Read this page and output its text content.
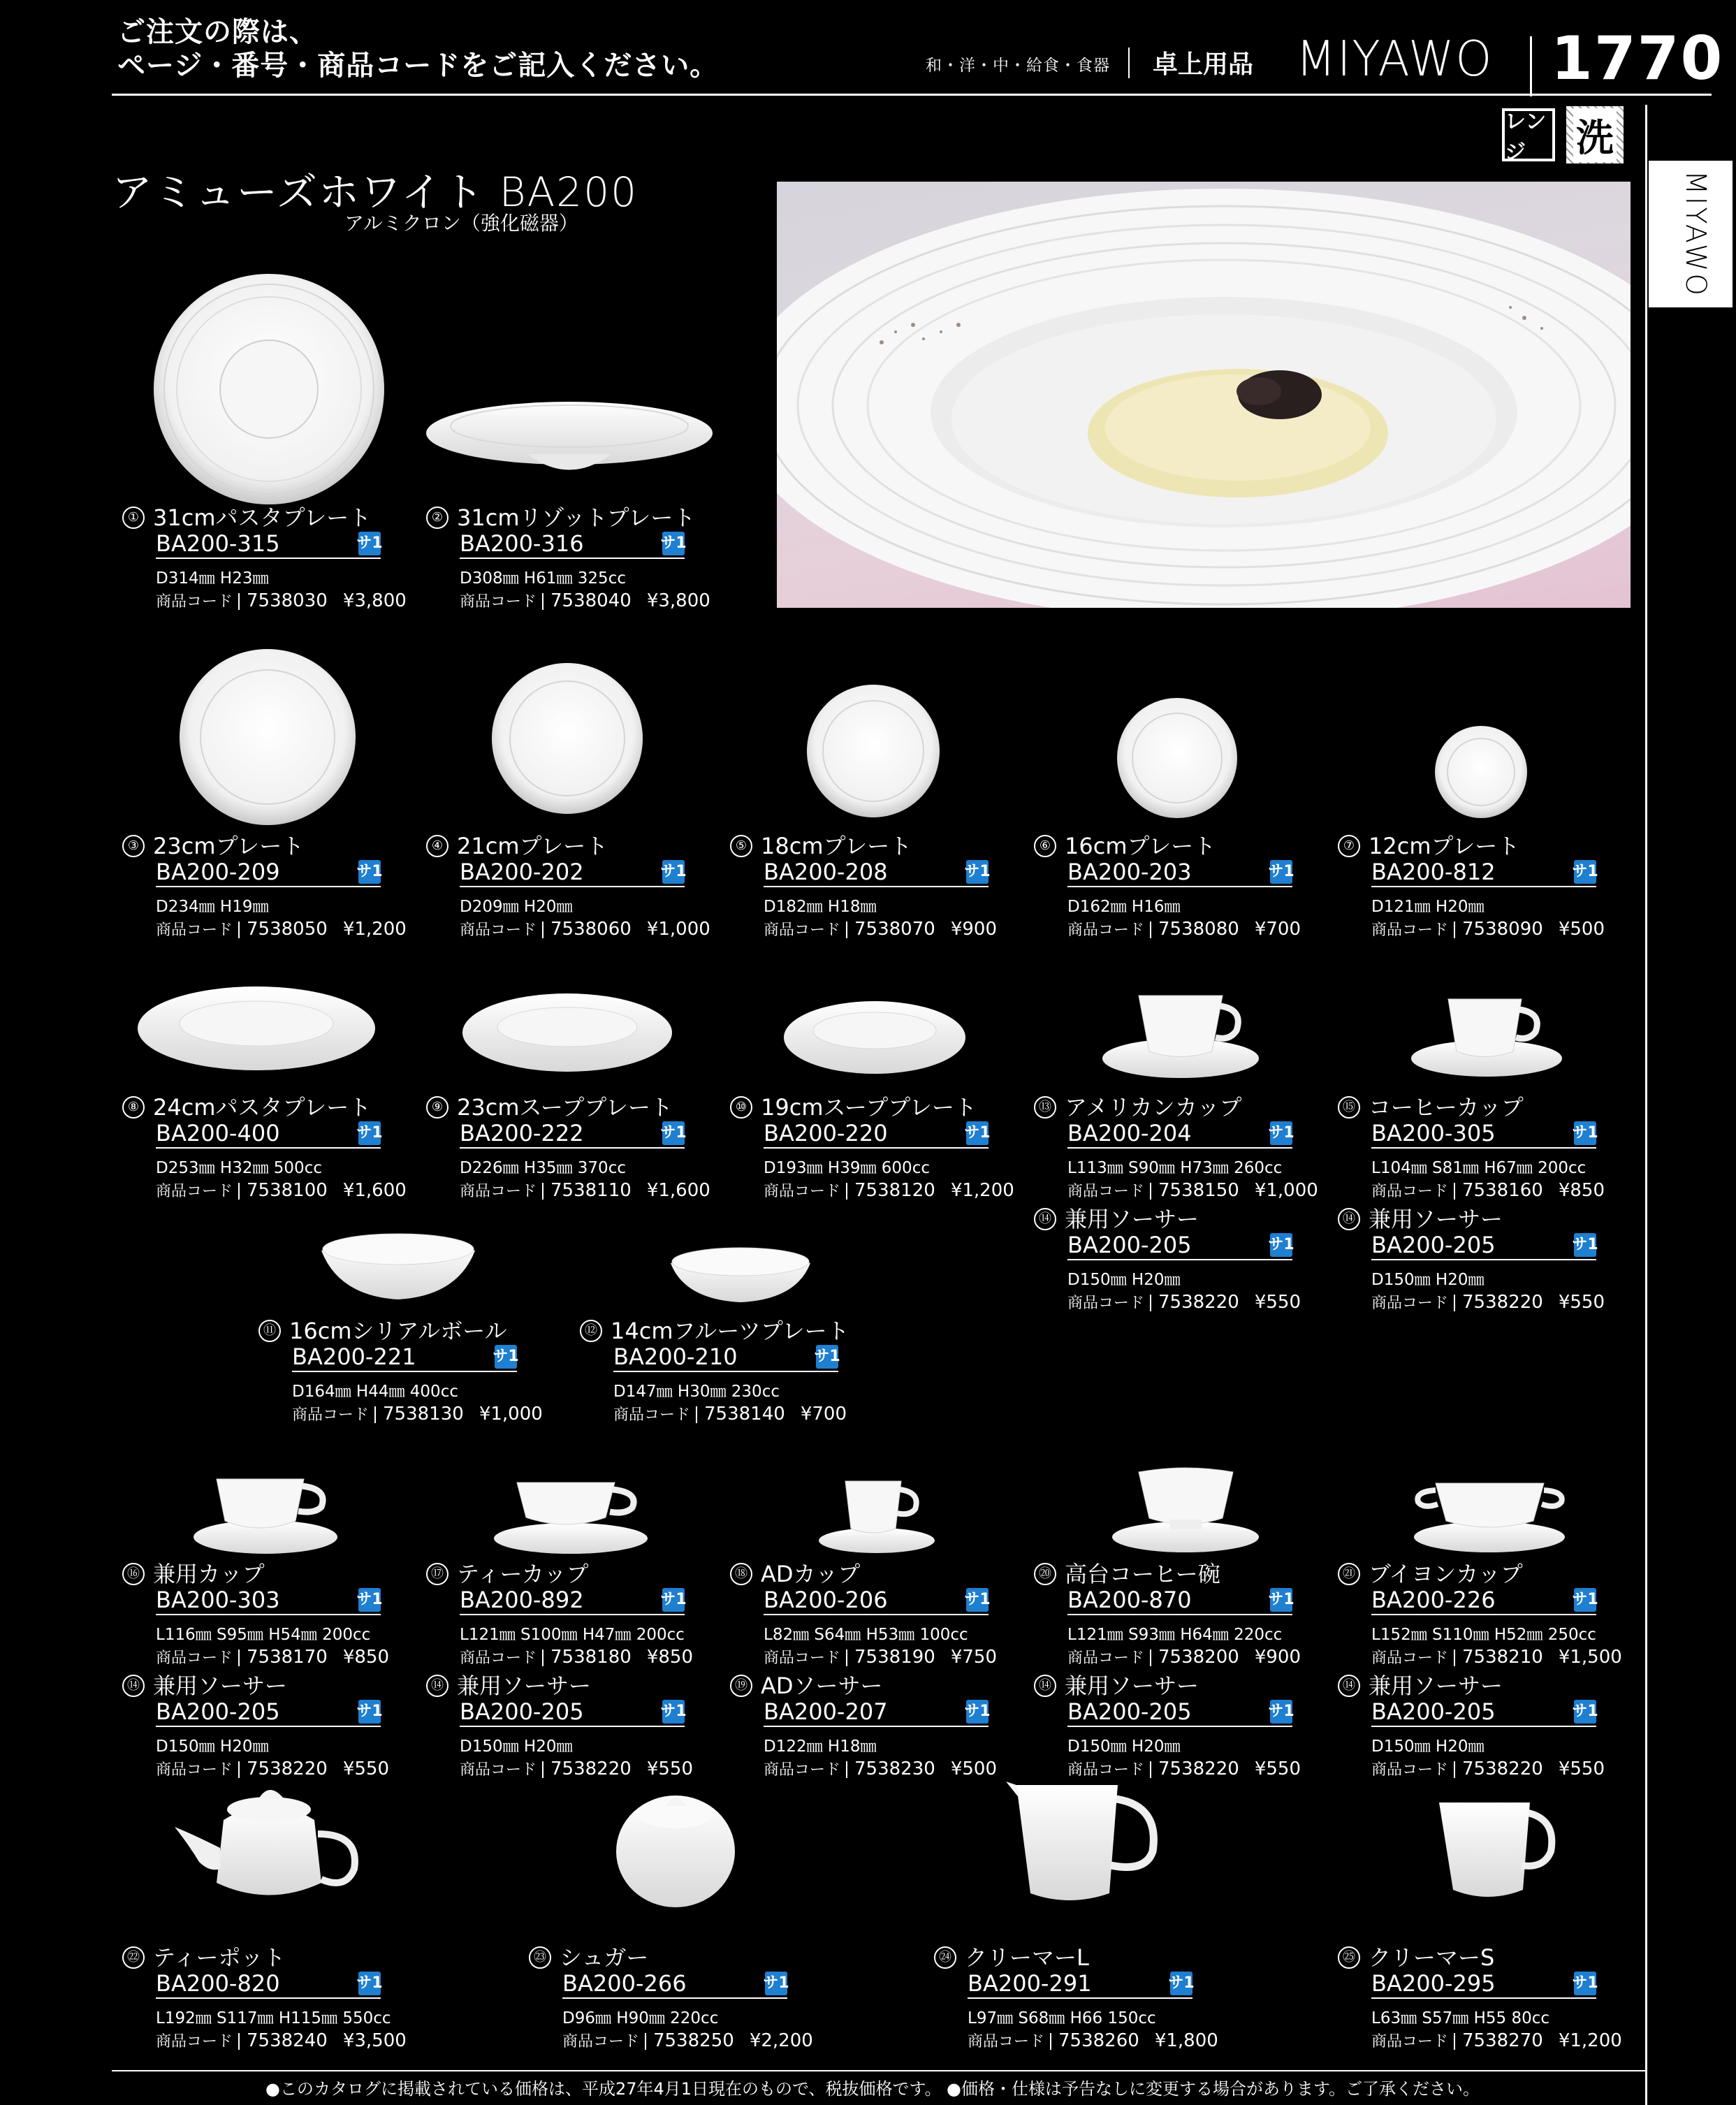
ご注文の際は、
ページ・番号・商品コードをご記入ください。	和・洋・中・給食・食器 卓上用品 MIYAWO 1770
レンジ	洗
MIYAWO
アミューズホワイト BA200
アルミクロン（強化磁器）
① 31cmパスタプレート
BA200-315	サ1
D314㎜ H23㎜
商品コード 7538030 ¥3,800
② 31cmリゾットプレート
BA200-316	サ1
D308㎜ H61㎜ 325cc
商品コード 7538040 ¥3,800
③ 23cmプレート
BA200-209	サ1
D234㎜ H19㎜
商品コード 7538050 ¥1,200
④ 21cmプレート
BA200-202	サ1
D209㎜ H20㎜
商品コード 7538060 ¥1,000
⑤ 18cmプレート
BA200-208	サ1
D182㎜ H18㎜
商品コード 7538070 ¥900
⑥ 16cmプレート
BA200-203	サ1
D162㎜ H16㎜
商品コード 7538080 ¥700
⑦ 12cmプレート
BA200-812	サ1
D121㎜ H20㎜
商品コード 7538090 ¥500
⑧ 24cmパスタプレート
BA200-400	サ1
D253㎜ H32㎜ 500cc
商品コード 7538100 ¥1,600
⑨ 23cmスーププレート
BA200-222	サ1
D226㎜ H35㎜ 370cc
商品コード 7538110 ¥1,600
⑩ 19cmスーププレート
BA200-220	サ1
D193㎜ H39㎜ 600cc
商品コード 7538120 ¥1,200
⑬ アメリカンカップ
BA200-204	サ1
L113㎜ S90㎜ H73㎜ 260cc
商品コード 7538150 ¥1,000
⑮ コーヒーカップ
BA200-305	サ1
L104㎜ S81㎜ H67㎜ 200cc
商品コード 7538160 ¥850
⑭ 兼用ソーサー
BA200-205	サ1
D150㎜ H20㎜
商品コード 7538220 ¥550
⑭ 兼用ソーサー
BA200-205	サ1
D150㎜ H20㎜
商品コード 7538220 ¥550
⑪ 16cmシリアルボール
BA200-221	サ1
D164㎜ H44㎜ 400cc
商品コード 7538130 ¥1,000
⑫ 14cmフルーツプレート
BA200-210	サ1
D147㎜ H30㎜ 230cc
商品コード 7538140 ¥700
⑯ 兼用カップ
BA200-303	サ1
L116㎜ S95㎜ H54㎜ 200cc
商品コード 7538170 ¥850
⑰ ティーカップ
BA200-892	サ1
L121㎜ S100㎜ H47㎜ 200cc
商品コード 7538180 ¥850
⑱ ADカップ
BA200-206	サ1
L82㎜ S64㎜ H53㎜ 100cc
商品コード 7538190 ¥750
⑳ 高台コーヒー碗
BA200-870	サ1
L121㎜ S93㎜ H64㎜ 220cc
商品コード 7538200 ¥900
㉑ ブイヨンカップ
BA200-226	サ1
L152㎜ S110㎜ H52㎜ 250cc
商品コード 7538210 ¥1,500
⑭ 兼用ソーサー
BA200-205	サ1
D150㎜ H20㎜
商品コード 7538220 ¥550
⑭ 兼用ソーサー
BA200-205	サ1
D150㎜ H20㎜
商品コード 7538220 ¥550
⑲ ADソーサー
BA200-207	サ1
D122㎜ H18㎜
商品コード 7538230 ¥500
⑭ 兼用ソーサー
BA200-205	サ1
D150㎜ H20㎜
商品コード 7538220 ¥550
⑭ 兼用ソーサー
BA200-205	サ1
D150㎜ H20㎜
商品コード 7538220 ¥550
㉒ ティーポット
BA200-820	サ1
L192㎜ S117㎜ H115㎜ 550cc
商品コード 7538240 ¥3,500
㉓ シュガー
BA200-266	サ1
D96㎜ H90㎜ 220cc
商品コード 7538250 ¥2,200
㉔ クリーマーL
BA200-291	サ1
L97㎜ S68㎜ H66 150cc
商品コード 7538260 ¥1,800
㉕ クリーマーS
BA200-295	サ1
L63㎜ S57㎜ H55 80cc
商品コード 7538270 ¥1,200
●このカタログに掲載されている価格は、平成27年4月1日現在のもので、税抜価格です。 ●価格・仕様は予告なしに変更する場合があります。ご了承ください。
